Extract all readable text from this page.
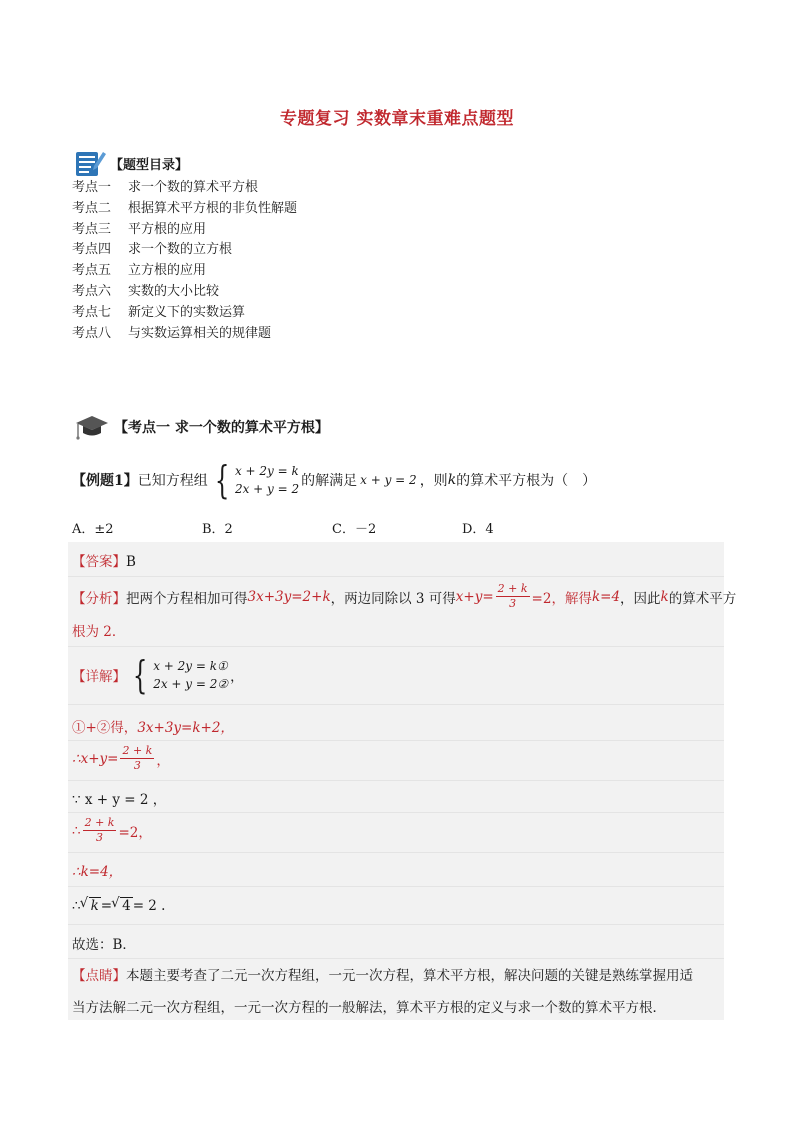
专题复习 实数章末重难点题型
【题型目录】
考点一	求一个数的算术平方根
考点二	根据算术平方根的非负性解题
考点三	平方根的应用
考点四	求一个数的立方根
考点五	立方根的应用
考点六	实数的大小比较
考点七	新定义下的实数运算
考点八	与实数运算相关的规律题
【考点一 求一个数的算术平方根】
【例题1】 已知方程组 { x + 2y = k
2x + y = 2 的解满足 x + y = 2 ，则 k 的算术平方根为（　）
A．±2	B．2	C．－2	D．4
【答案】B
【分析】 把两个方程相加可得 3x+3y=2+k ，两边同除以 3 可得 $x+y= \frac{2 + k}{3} =2$，解得 k=4 ，因此 k 的算术平方
根为 2．
【详解】 { x + 2y = k①
2x + y = 2② ，
①+②得，3x+3y=k+2，
∴x+y= $\frac{2 + k}{3}$ ，
∵ x + y = 2 ，
∴ $\frac{2 + k}{3} =2$，
∴k=4，
∴ √ k = √ 4 = 2 .
故选：B．
【点睛】本题主要考查了二元一次方程组，一元一次方程，算术平方根，解决问题的关键是熟练掌握用适
当方法解二元一次方程组，一元一次方程的一般解法，算术平方根的定义与求一个数的算术平方根．
